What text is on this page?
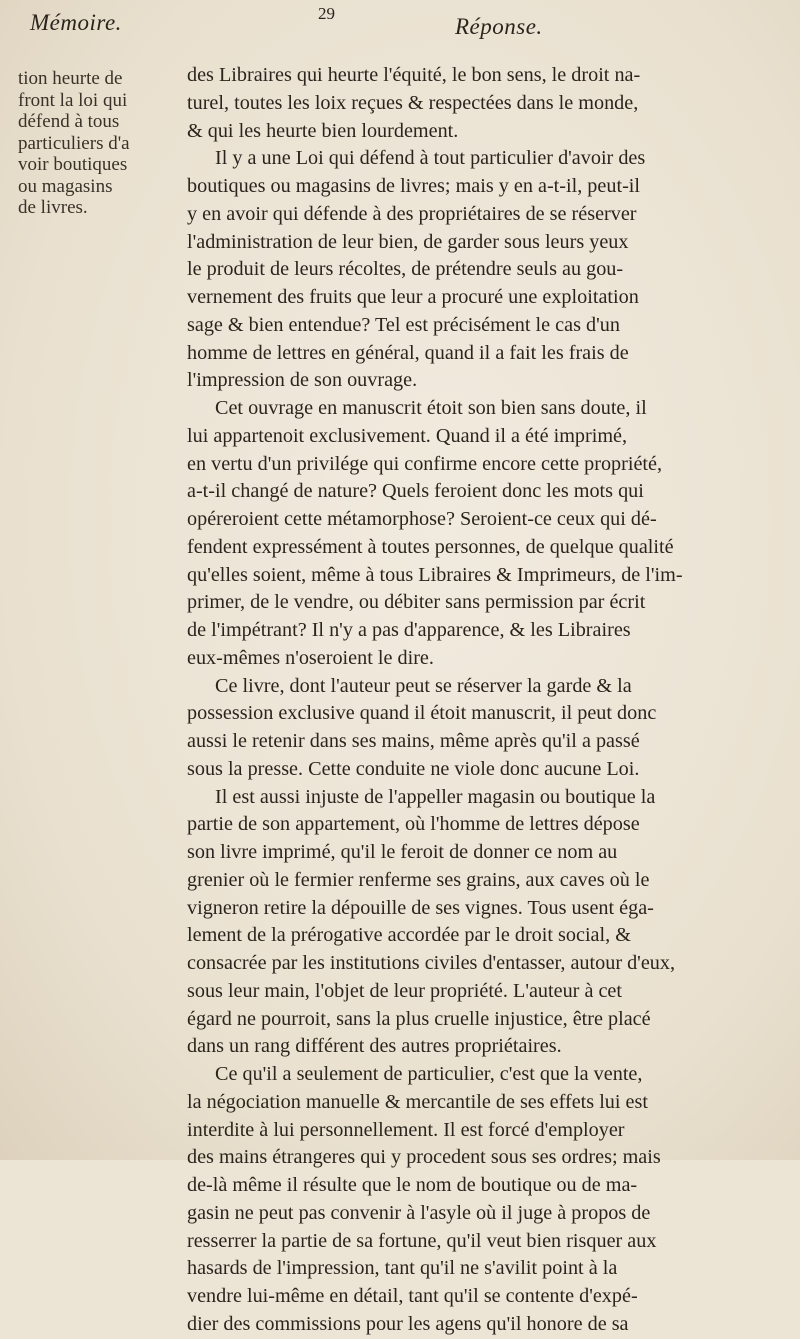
Mémoire.	29
Réponse.
tion heurte de
front la loi qui
défend à tous
particuliers d'a
voir boutiques
ou magasins
de livres.
des Libraires qui heurte l'équité, le bon sens, le droit na-
turel, toutes les loix reçues & respectées dans le monde,
& qui les heurte bien lourdement.
Il y a une Loi qui défend à tout particulier d'avoir des
boutiques ou magasins de livres; mais y en a-t-il, peut-il
y en avoir qui défende à des propriétaires de se réserver
l'administration de leur bien, de garder sous leurs yeux
le produit de leurs récoltes, de prétendre seuls au gou-
vernement des fruits que leur a procuré une exploitation
sage & bien entendue? Tel est précisément le cas d'un
homme de lettres en général, quand il a fait les frais de
l'impression de son ouvrage.
Cet ouvrage en manuscrit étoit son bien sans doute, il
lui appartenoit exclusivement. Quand il a été imprimé,
en vertu d'un privilége qui confirme encore cette propriété,
a-t-il changé de nature? Quels feroient donc les mots qui
opéreroient cette métamorphose? Seroient-ce ceux qui dé-
fendent expressément à toutes personnes, de quelque qualité
qu'elles soient, même à tous Libraires & Imprimeurs, de l'im-
primer, de le vendre, ou débiter sans permission par écrit
de l'impétrant? Il n'y a pas d'apparence, & les Libraires
eux-mêmes n'oseroient le dire.
Ce livre, dont l'auteur peut se réserver la garde & la
possession exclusive quand il étoit manuscrit, il peut donc
aussi le retenir dans ses mains, même après qu'il a passé
sous la presse. Cette conduite ne viole donc aucune Loi.
Il est aussi injuste de l'appeller magasin ou boutique la
partie de son appartement, où l'homme de lettres dépose
son livre imprimé, qu'il le feroit de donner ce nom au
grenier où le fermier renferme ses grains, aux caves où le
vigneron retire la dépouille de ses vignes. Tous usent éga-
lement de la prérogative accordée par le droit social, &
consacrée par les institutions civiles d'entasser, autour d'eux,
sous leur main, l'objet de leur propriété. L'auteur à cet
égard ne pourroit, sans la plus cruelle injustice, être placé
dans un rang différent des autres propriétaires.
Ce qu'il a seulement de particulier, c'est que la vente,
la négociation manuelle & mercantile de ses effets lui est
interdite à lui personnellement. Il est forcé d'employer
des mains étrangeres qui y procedent sous ses ordres; mais
de-là même il résulte que le nom de boutique ou de ma-
gasin ne peut pas convenir à l'asyle où il juge à propos de
resserrer la partie de sa fortune, qu'il veut bien risquer aux
hasards de l'impression, tant qu'il ne s'avilit point à la
vendre lui-même en détail, tant qu'il se contente d'expé-
dier des commissions pour les agens qu'il honore de sa
